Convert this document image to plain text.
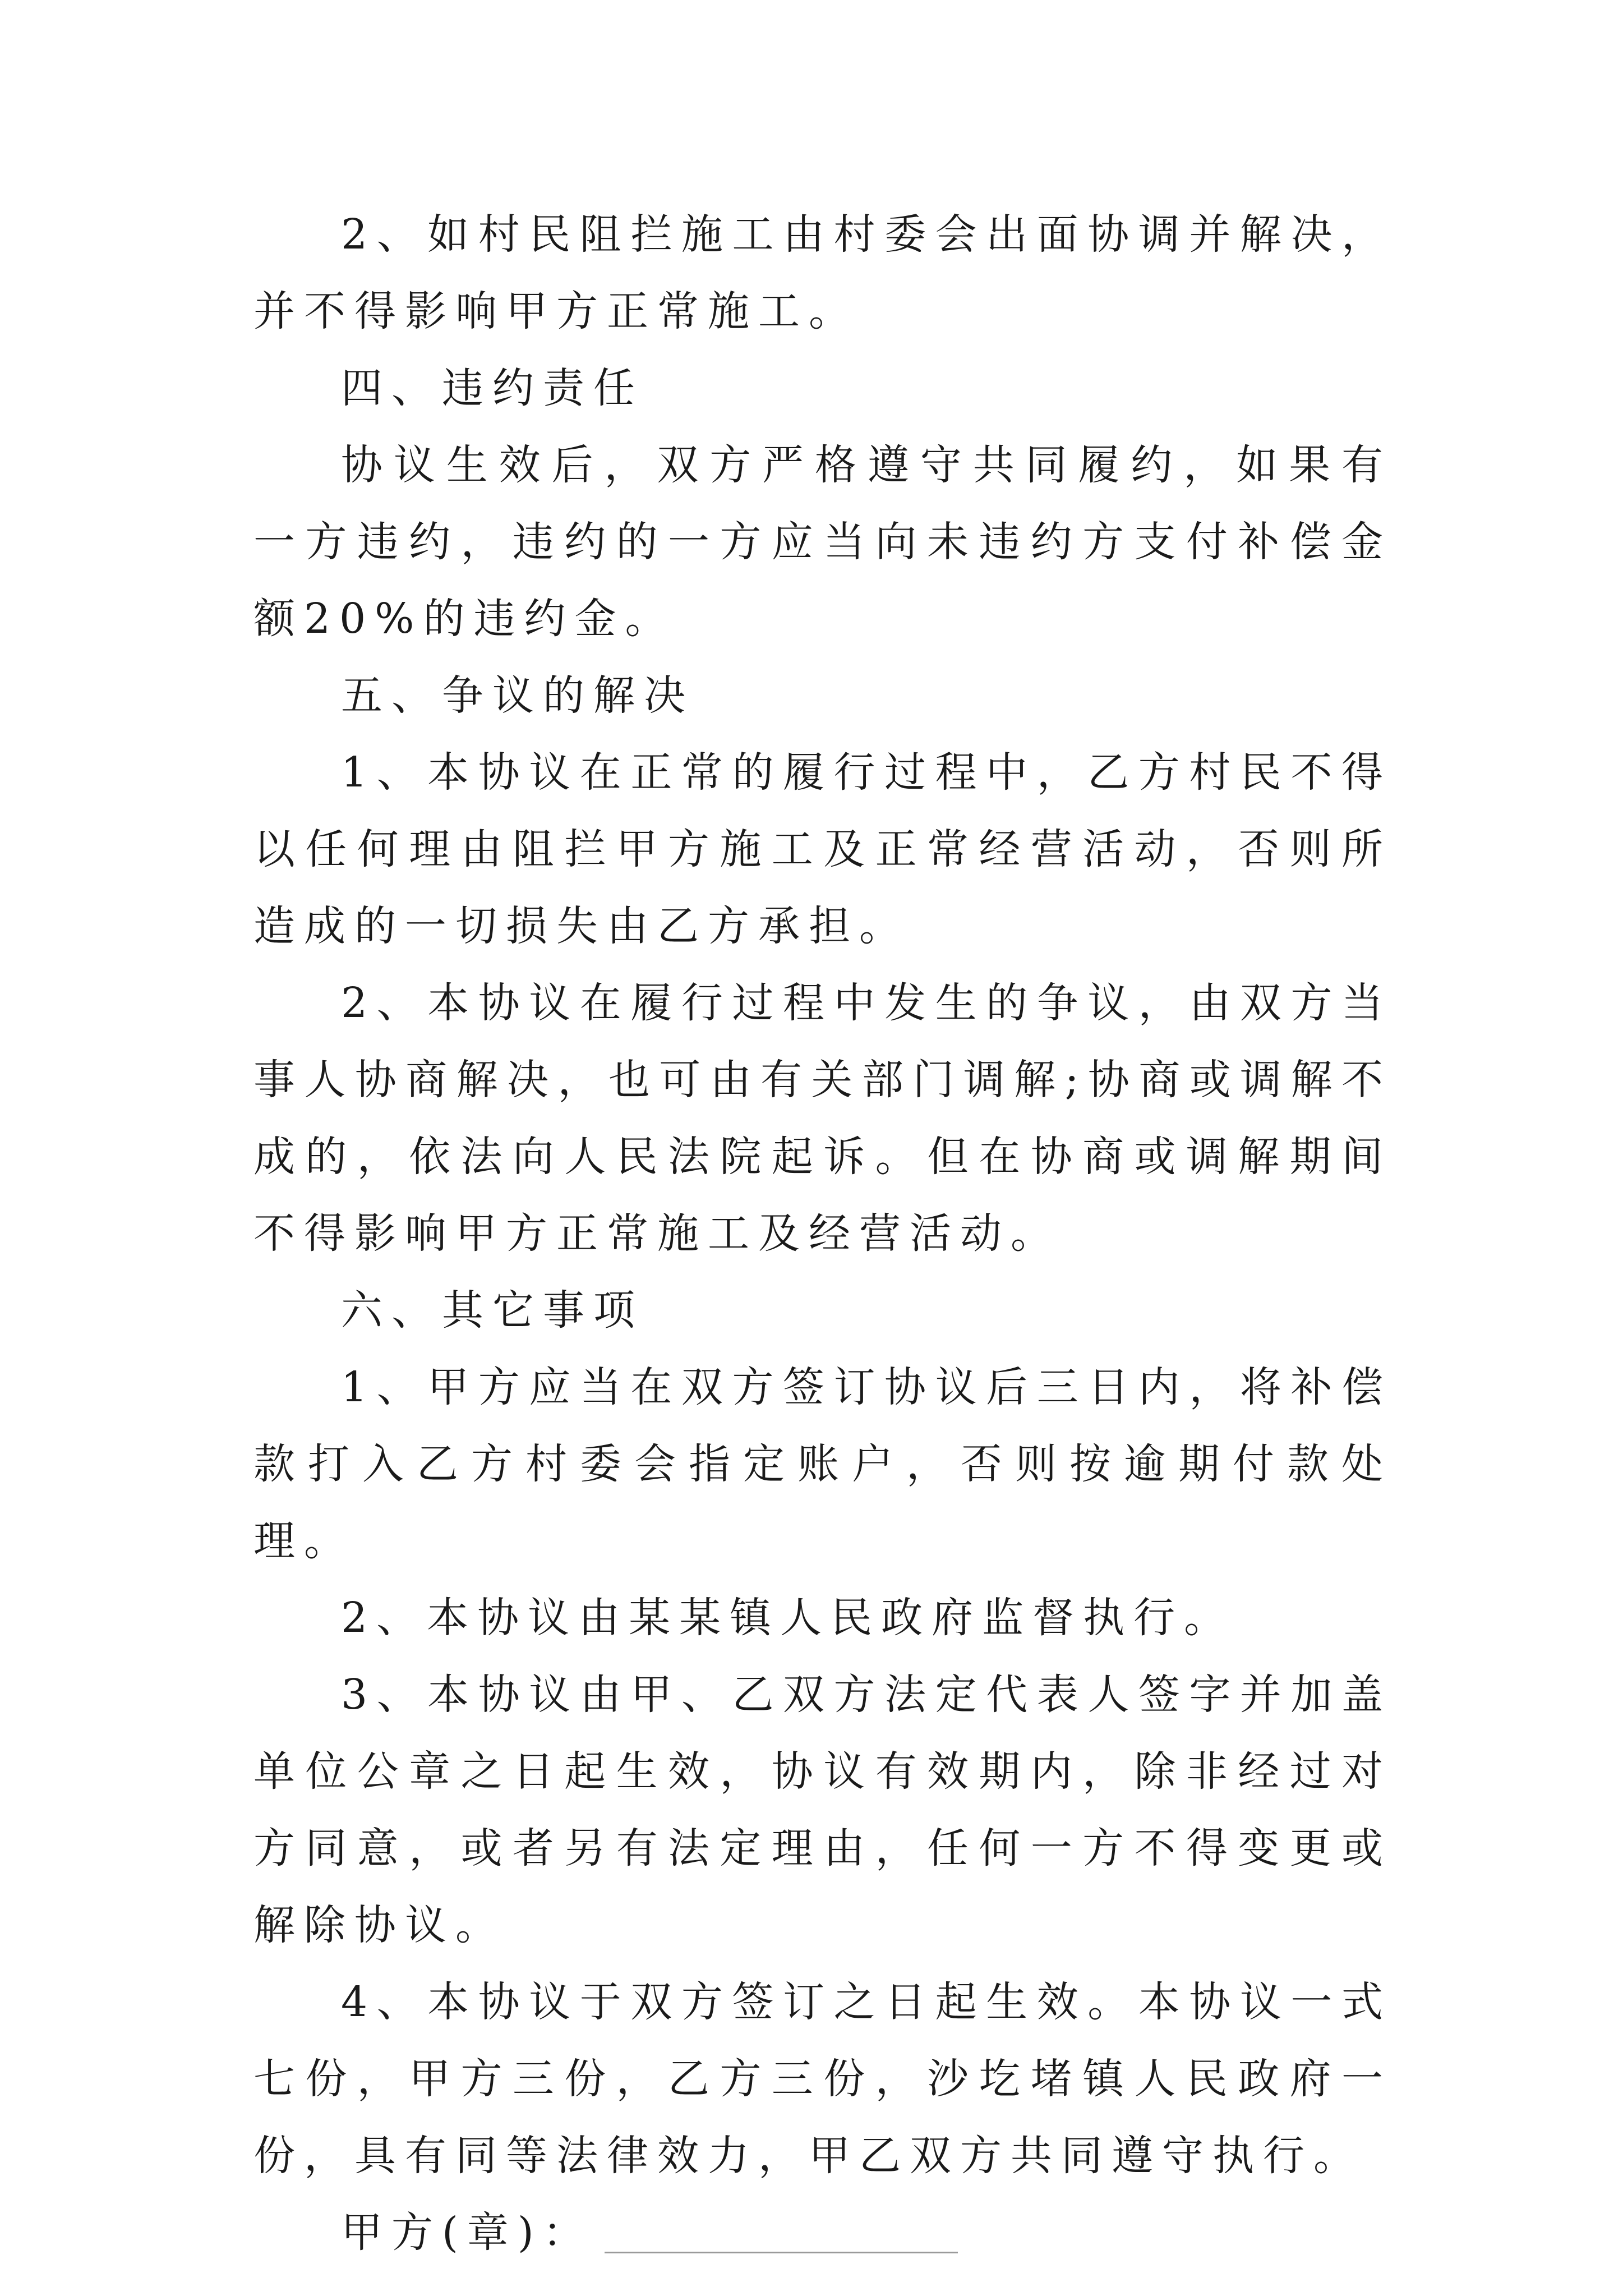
2、如村民阻拦施工由村委会出面协调并解决，并不得影响甲方正常施工。

四、违约责任

协议生效后，双方严格遵守共同履约，如果有一方违约，违约的一方应当向未违约方支付补偿金额20%的违约金。

五、争议的解决

1、本协议在正常的履行过程中，乙方村民不得以任何理由阻拦甲方施工及正常经营活动，否则所造成的一切损失由乙方承担。

2、本协议在履行过程中发生的争议，由双方当事人协商解决，也可由有关部门调解;协商或调解不成的，依法向人民法院起诉。但在协商或调解期间不得影响甲方正常施工及经营活动。

六、其它事项

1、甲方应当在双方签订协议后三日内，将补偿款打入乙方村委会指定账户，否则按逾期付款处理。

2、本协议由某某镇人民政府监督执行。

3、本协议由甲、乙双方法定代表人签字并加盖单位公章之日起生效，协议有效期内，除非经过对方同意，或者另有法定理由，任何一方不得变更或解除协议。

4、本协议于双方签订之日起生效。本协议一式七份，甲方三份，乙方三份，沙圪堵镇人民政府一份，具有同等法律效力，甲乙双方共同遵守执行。

甲方(章)：
